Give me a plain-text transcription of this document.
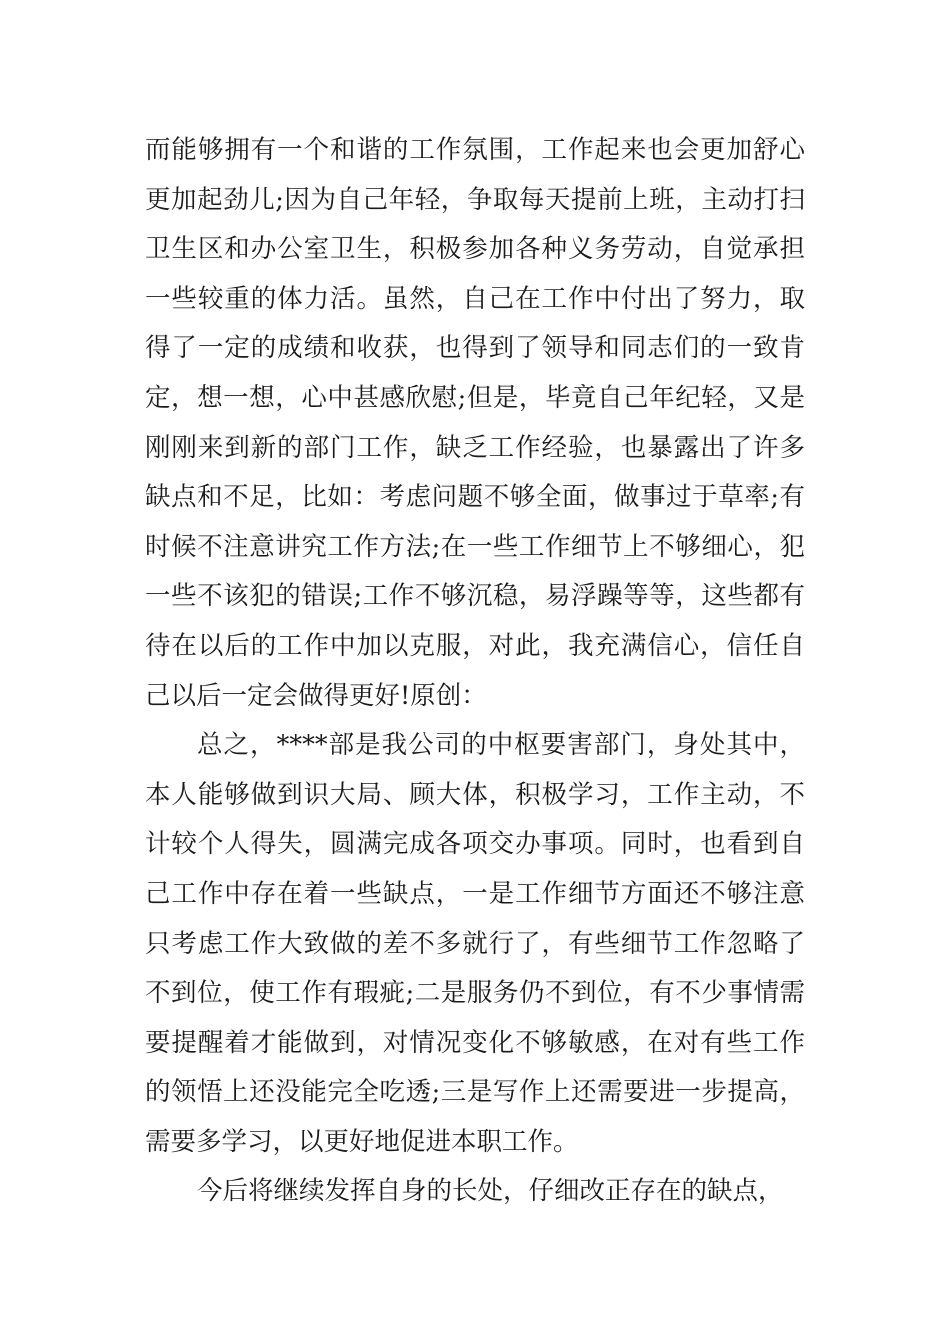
而能够拥有一个和谐的工作氛围，工作起来也会更加舒心
更加起劲儿;因为自己年轻，争取每天提前上班，主动打扫
卫生区和办公室卫生，积极参加各种义务劳动，自觉承担
一些较重的体力活。虽然，自己在工作中付出了努力，取
得了一定的成绩和收获，也得到了领导和同志们的一致肯
定，想一想，心中甚感欣慰;但是，毕竟自己年纪轻，又是
刚刚来到新的部门工作，缺乏工作经验，也暴露出了许多
缺点和不足，比如：考虑问题不够全面，做事过于草率;有
时候不注意讲究工作方法;在一些工作细节上不够细心，犯
一些不该犯的错误;工作不够沉稳，易浮躁等等，这些都有
待在以后的工作中加以克服，对此，我充满信心，信任自
己以后一定会做得更好!原创：
总之，****部是我公司的中枢要害部门，身处其中，
本人能够做到识大局、顾大体，积极学习，工作主动，不
计较个人得失，圆满完成各项交办事项。同时，也看到自
己工作中存在着一些缺点，一是工作细节方面还不够注意
只考虑工作大致做的差不多就行了，有些细节工作忽略了
不到位，使工作有瑕疵;二是服务仍不到位，有不少事情需
要提醒着才能做到，对情况变化不够敏感，在对有些工作
的领悟上还没能完全吃透;三是写作上还需要进一步提高，
需要多学习，以更好地促进本职工作。
今后将继续发挥自身的长处，仔细改正存在的缺点，
